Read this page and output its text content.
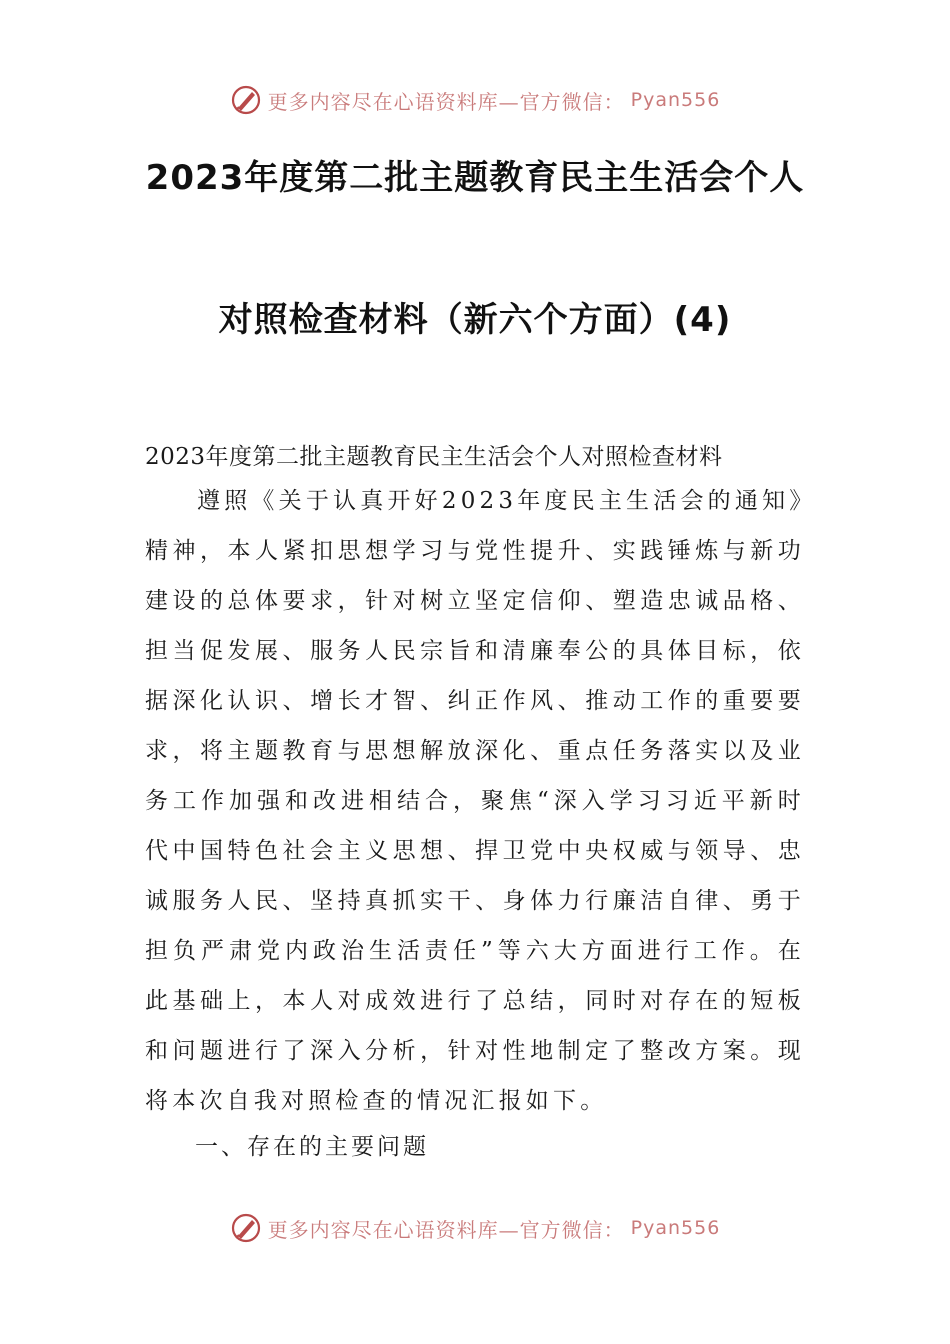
更多内容尽在心语资料库—官方微信： Pyan556
2023年度第二批主题教育民主生活会个人
对照检查材料（新六个方面）(4)

2023年度第二批主题教育民主生活会个人对照检查材料

遵照《关于认真开好2023年度民主生活会的通知》精神，本人紧扣思想学习与党性提升、实践锤炼与新功建设的总体要求，针对树立坚定信仰、塑造忠诚品格、担当促发展、服务人民宗旨和清廉奉公的具体目标，依据深化认识、增长才智、纠正作风、推动工作的重要要求，将主题教育与思想解放深化、重点任务落实以及业务工作加强和改进相结合，聚焦“深入学习习近平新时代中国特色社会主义思想、捍卫党中央权威与领导、忠诚服务人民、坚持真抓实干、身体力行廉洁自律、勇于担负严肃党内政治生活责任”等六大方面进行工作。在此基础上，本人对成效进行了总结，同时对存在的短板和问题进行了深入分析，针对性地制定了整改方案。现将本次自我对照检查的情况汇报如下。

一、存在的主要问题

更多内容尽在心语资料库—官方微信： Pyan556
